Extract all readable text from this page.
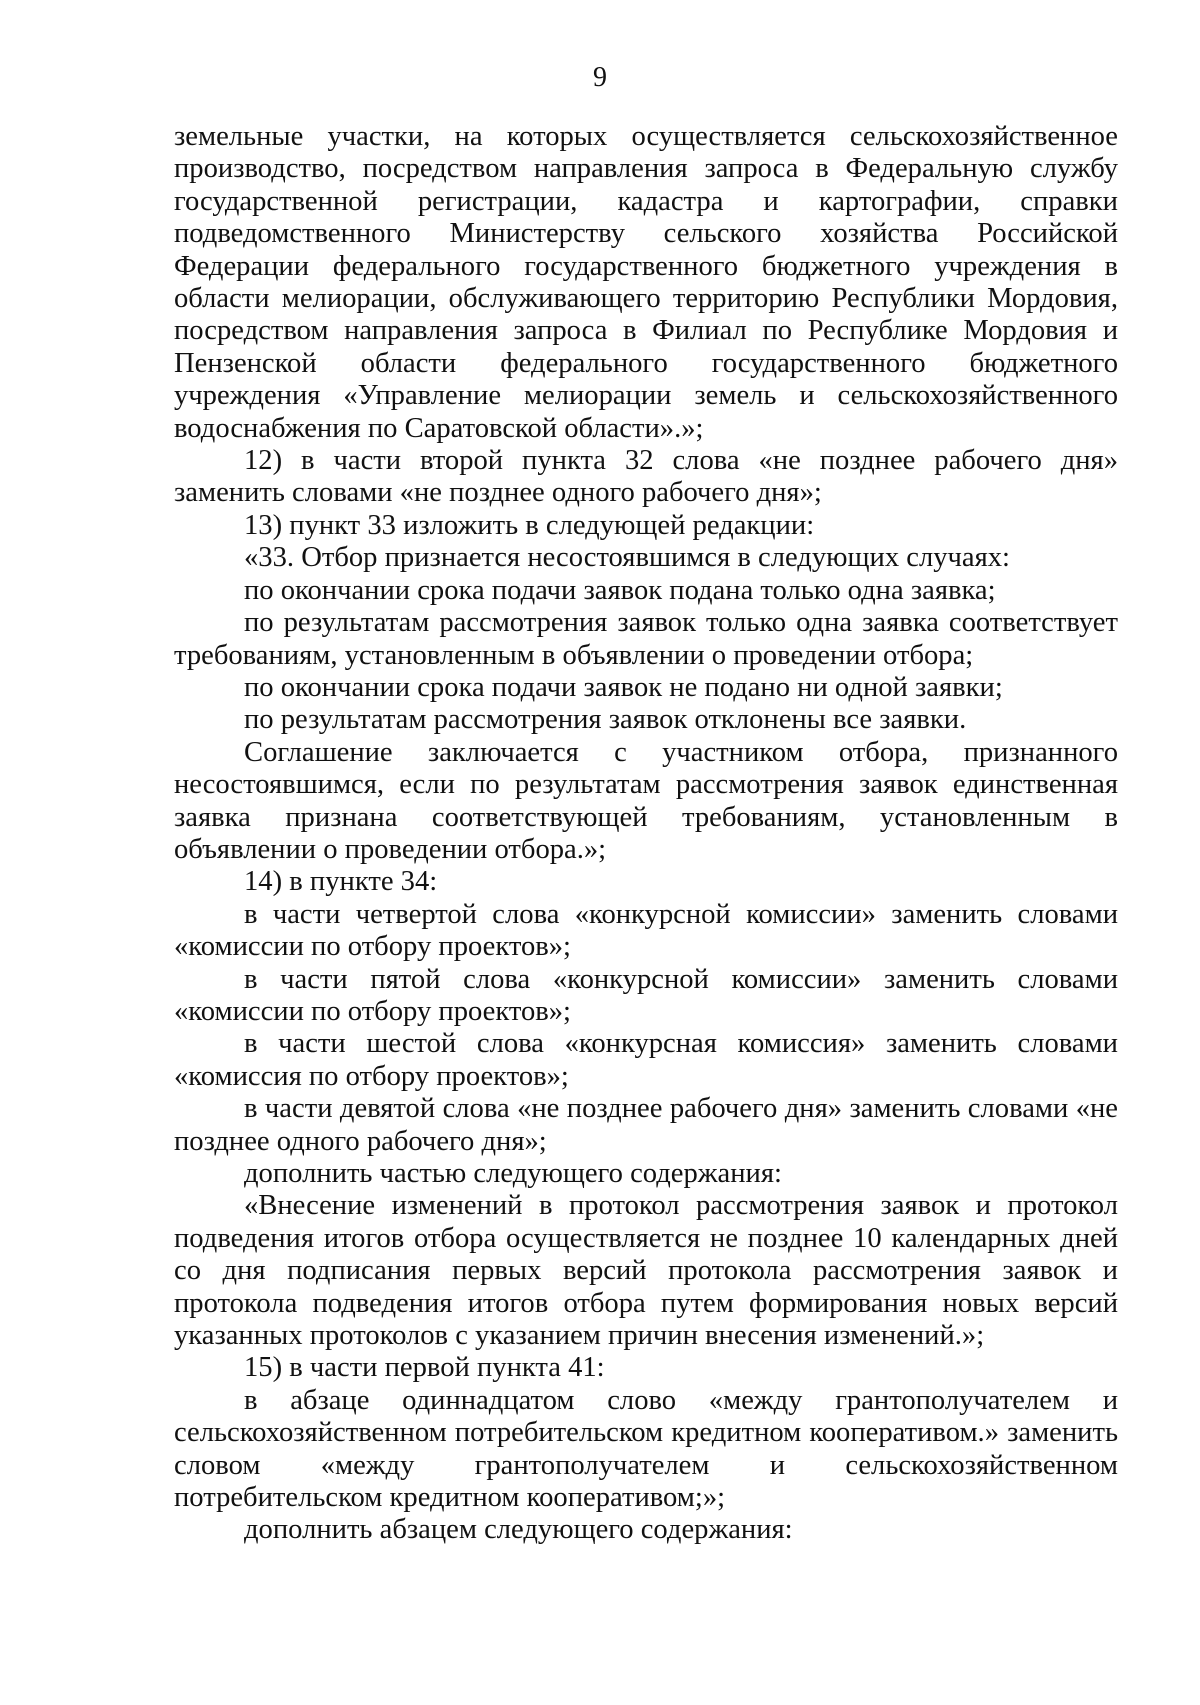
9

земельные участки, на которых осуществляется сельскохозяйственное производство, посредством направления запроса в Федеральную службу государственной регистрации, кадастра и картографии, справки подведомственного Министерству сельского хозяйства Российской Федерации федерального государственного бюджетного учреждения в области мелиорации, обслуживающего территорию Республики Мордовия, посредством направления запроса в Филиал по Республике Мордовия и Пензенской области федерального государственного бюджетного учреждения «Управление мелиорации земель и сельскохозяйственного водоснабжения по Саратовской области».»;

12) в части второй пункта 32 слова «не позднее рабочего дня» заменить словами «не позднее одного рабочего дня»;

13) пункт 33 изложить в следующей редакции:

«33. Отбор признается несостоявшимся в следующих случаях:

по окончании срока подачи заявок подана только одна заявка;

по результатам рассмотрения заявок только одна заявка соответствует требованиям, установленным в объявлении о проведении отбора;

по окончании срока подачи заявок не подано ни одной заявки;

по результатам рассмотрения заявок отклонены все заявки.

Соглашение заключается с участником отбора, признанного несостоявшимся, если по результатам рассмотрения заявок единственная заявка признана соответствующей требованиям, установленным в объявлении о проведении отбора.»;

14) в пункте 34:

в части четвертой слова «конкурсной комиссии» заменить словами «комиссии по отбору проектов»;

в части пятой слова «конкурсной комиссии» заменить словами «комиссии по отбору проектов»;

в части шестой слова «конкурсная комиссия» заменить словами «комиссия по отбору проектов»;

в части девятой слова «не позднее рабочего дня» заменить словами «не позднее одного рабочего дня»;

дополнить частью следующего содержания:

«Внесение изменений в протокол рассмотрения заявок и протокол подведения итогов отбора осуществляется не позднее 10 календарных дней со дня подписания первых версий протокола рассмотрения заявок и протокола подведения итогов отбора путем формирования новых версий указанных протоколов с указанием причин внесения изменений.»;

15) в части первой пункта 41:

в абзаце одиннадцатом слово «между грантополучателем и сельскохозяйственном потребительском кредитном кооперативом.» заменить словом «между грантополучателем и сельскохозяйственном потребительском кредитном кооперативом;»;

дополнить абзацем следующего содержания:
